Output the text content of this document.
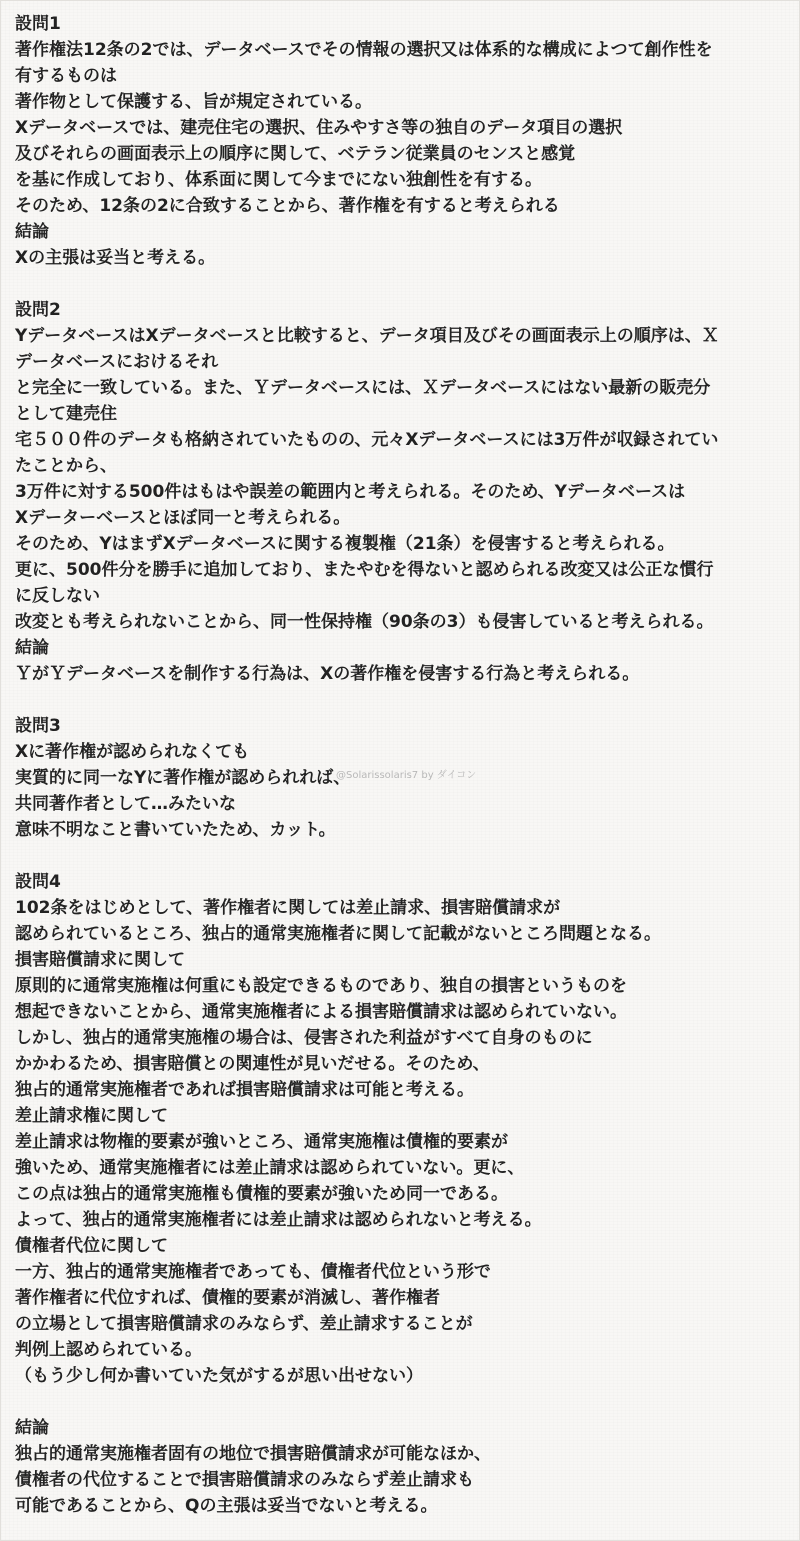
設問1
著作権法12条の2では、データベースでその情報の選択又は体系的な構成によつて創作性を
有するものは
著作物として保護する、旨が規定されている。
Xデータベースでは、建売住宅の選択、住みやすさ等の独自のデータ項目の選択
及びそれらの画面表示上の順序に関して、ベテラン従業員のセンスと感覚
を基に作成しており、体系面に関して今までにない独創性を有する。
そのため、12条の2に合致することから、著作権を有すると考えられる
結論
Xの主張は妥当と考える。
設問2
YデータベースはXデータベースと比較すると、データ項目及びその画面表示上の順序は、Ｘ
データベースにおけるそれ
と完全に一致している。また、Ｙデータベースには、Ｘデータベースにはない最新の販売分
として建売住
宅５００件のデータも格納されていたものの、元々Xデータベースには3万件が収録されてい
たことから、
3万件に対する500件はもはや誤差の範囲内と考えられる。そのため、Yデータベースは
Xデーターベースとほぼ同一と考えられる。
そのため、YはまずXデータベースに関する複製権（21条）を侵害すると考えられる。
更に、500件分を勝手に追加しており、またやむを得ないと認められる改変又は公正な慣行
に反しない
改変とも考えられないことから、同一性保持権（90条の3）も侵害していると考えられる。
結論
ＹがＹデータベースを制作する行為は、Xの著作権を侵害する行為と考えられる。
設問3
Xに著作権が認められなくても
実質的に同一なYに著作権が認められれば、
共同著作者として…みたいな
意味不明なこと書いていたため、カット。
設問4
102条をはじめとして、著作権者に関しては差止請求、損害賠償請求が
認められているところ、独占的通常実施権者に関して記載がないところ問題となる。
損害賠償請求に関して
原則的に通常実施権は何重にも設定できるものであり、独自の損害というものを
想起できないことから、通常実施権者による損害賠償請求は認められていない。
しかし、独占的通常実施権の場合は、侵害された利益がすべて自身のものに
かかわるため、損害賠償との関連性が見いだせる。そのため、
独占的通常実施権者であれば損害賠償請求は可能と考える。
差止請求権に関して
差止請求は物権的要素が強いところ、通常実施権は債権的要素が
強いため、通常実施権者には差止請求は認められていない。更に、
この点は独占的通常実施権も債権的要素が強いため同一である。
よって、独占的通常実施権者には差止請求は認められないと考える。
債権者代位に関して
一方、独占的通常実施権者であっても、債権者代位という形で
著作権者に代位すれば、債権的要素が消滅し、著作権者
の立場として損害賠償請求のみならず、差止請求することが
判例上認められている。
（もう少し何か書いていた気がするが思い出せない）
結論
独占的通常実施権者固有の地位で損害賠償請求が可能なほか、
債権者の代位することで損害賠償請求のみならず差止請求も
可能であることから、Qの主張は妥当でないと考える。
@Solarissolaris7 by ダイコン
